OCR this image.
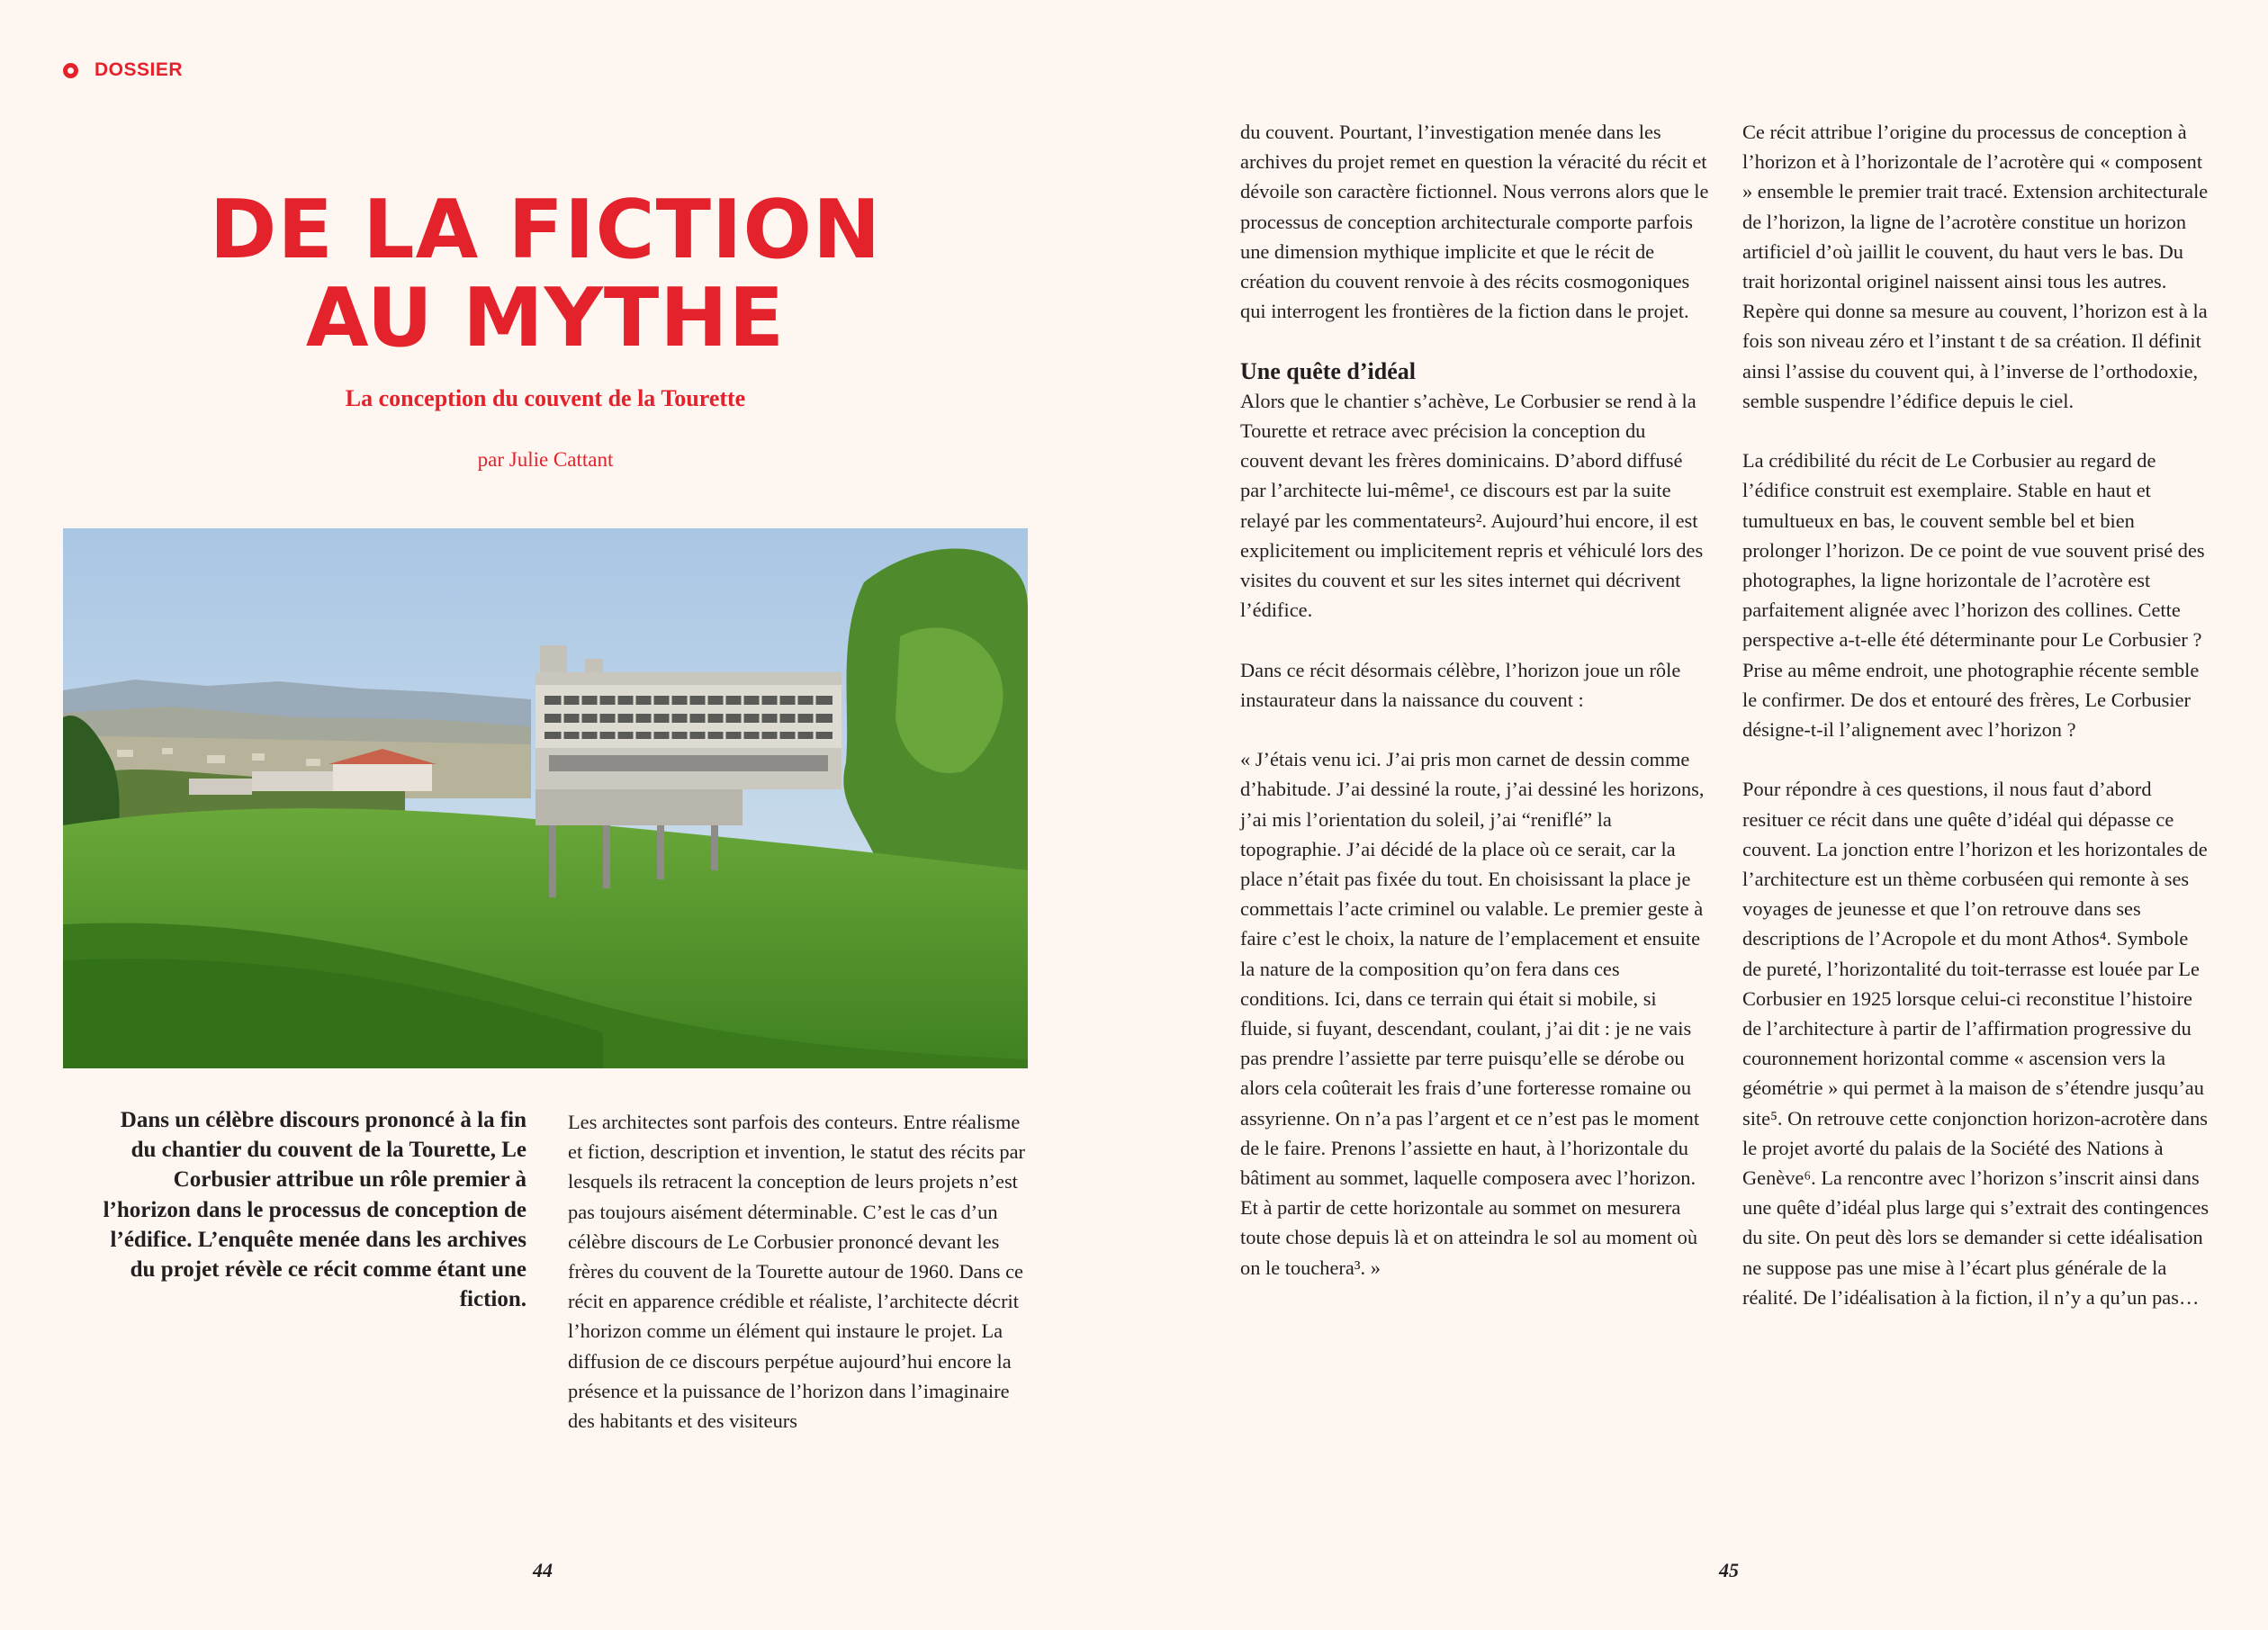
DOSSIER
DE LA FICTION
AU MYTHE
La conception du couvent de la Tourette
par Julie Cattant

Dans un célèbre discours prononcé à la fin du chantier du couvent de la Tourette, Le Corbusier attribue un rôle premier à l’horizon dans le processus de conception de l’édifice. L’enquête menée dans les archives du projet révèle ce récit comme étant une fiction.

Les architectes sont parfois des conteurs. Entre réalisme et fiction, description et invention, le statut des récits par lesquels ils retracent la conception de leurs projets n’est pas toujours aisément déterminable. C’est le cas d’un célèbre discours de Le Corbusier prononcé devant les frères du couvent de la Tourette autour de 1960. Dans ce récit en apparence crédible et réaliste, l’architecte décrit l’horizon comme un élément qui instaure le projet. La diffusion de ce discours perpétue aujourd’hui encore la présence et la puissance de l’horizon dans l’imaginaire des habitants et des visiteurs

44

du couvent. Pourtant, l’investigation menée dans les archives du projet remet en question la véracité du récit et dévoile son caractère fictionnel. Nous verrons alors que le processus de conception architecturale comporte parfois une dimension mythique implicite et que le récit de création du couvent renvoie à des récits cosmogoniques qui interrogent les frontières de la fiction dans le projet.

Une quête d’idéal

Alors que le chantier s’achève, Le Corbusier se rend à la Tourette et retrace avec précision la conception du couvent devant les frères dominicains. D’abord diffusé par l’architecte lui-même¹, ce discours est par la suite relayé par les commentateurs². Aujourd’hui encore, il est explicitement ou implicitement repris et véhiculé lors des visites du couvent et sur les sites internet qui décrivent l’édifice.

Dans ce récit désormais célèbre, l’horizon joue un rôle instaurateur dans la naissance du couvent :

« J’étais venu ici. J’ai pris mon carnet de dessin comme d’habitude. J’ai dessiné la route, j’ai dessiné les horizons, j’ai mis l’orientation du soleil, j’ai “reniflé” la topographie. J’ai décidé de la place où ce serait, car la place n’était pas fixée du tout. En choisissant la place je commettais l’acte criminel ou valable. Le premier geste à faire c’est le choix, la nature de l’emplacement et ensuite la nature de la composition qu’on fera dans ces conditions. Ici, dans ce terrain qui était si mobile, si fluide, si fuyant, descendant, coulant, j’ai dit : je ne vais pas prendre l’assiette par terre puisqu’elle se dérobe ou alors cela coûterait les frais d’une forteresse romaine ou assyrienne. On n’a pas l’argent et ce n’est pas le moment de le faire. Prenons l’assiette en haut, à l’horizontale du bâtiment au sommet, laquelle composera avec l’horizon. Et à partir de cette horizontale au sommet on mesurera toute chose depuis là et on atteindra le sol au moment où on le touchera³. »

Ce récit attribue l’origine du processus de conception à l’horizon et à l’horizontale de l’acrotère qui « composent » ensemble le premier trait tracé. Extension architecturale de l’horizon, la ligne de l’acrotère constitue un horizon artificiel d’où jaillit le couvent, du haut vers le bas. Du trait horizontal originel naissent ainsi tous les autres. Repère qui donne sa mesure au couvent, l’horizon est à la fois son niveau zéro et l’instant t de sa création. Il définit ainsi l’assise du couvent qui, à l’inverse de l’orthodoxie, semble suspendre l’édifice depuis le ciel.

La crédibilité du récit de Le Corbusier au regard de l’édifice construit est exemplaire. Stable en haut et tumultueux en bas, le couvent semble bel et bien prolonger l’horizon. De ce point de vue souvent prisé des photographes, la ligne horizontale de l’acrotère est parfaitement alignée avec l’horizon des collines. Cette perspective a-t-elle été déterminante pour Le Corbusier ? Prise au même endroit, une photographie récente semble le confirmer. De dos et entouré des frères, Le Corbusier désigne-t-il l’alignement avec l’horizon ?

Pour répondre à ces questions, il nous faut d’abord resituer ce récit dans une quête d’idéal qui dépasse ce couvent. La jonction entre l’horizon et les horizontales de l’architecture est un thème corbuséen qui remonte à ses voyages de jeunesse et que l’on retrouve dans ses descriptions de l’Acropole et du mont Athos⁴. Symbole de pureté, l’horizontalité du toit-terrasse est louée par Le Corbusier en 1925 lorsque celui-ci reconstitue l’histoire de l’architecture à partir de l’affirmation progressive du couronnement horizontal comme « ascension vers la géométrie » qui permet à la maison de s’étendre jusqu’au site⁵. On retrouve cette conjonction horizon-acrotère dans le projet avorté du palais de la Société des Nations à Genève⁶. La rencontre avec l’horizon s’inscrit ainsi dans une quête d’idéal plus large qui s’extrait des contingences du site. On peut dès lors se demander si cette idéalisation ne suppose pas une mise à l’écart plus générale de la réalité. De l’idéalisation à la fiction, il n’y a qu’un pas…

45
